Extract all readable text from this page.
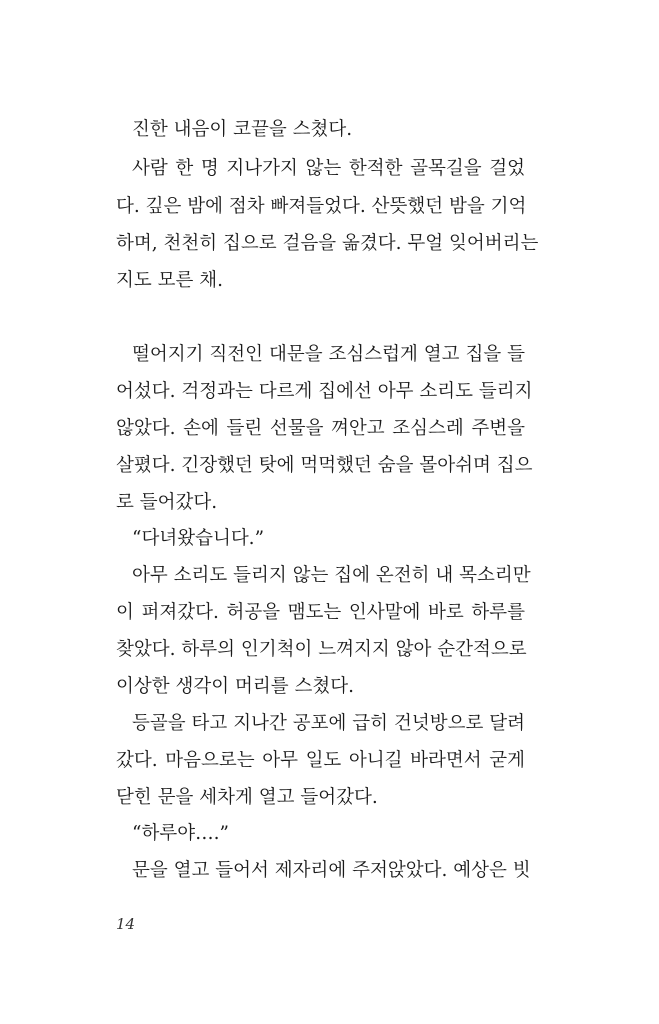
진한 내음이 코끝을 스쳤다.
사람 한 명 지나가지 않는 한적한 골목길을 걸었
다. 깊은 밤에 점차 빠져들었다. 산뜻했던 밤을 기억
하며, 천천히 집으로 걸음을 옮겼다. 무얼 잊어버리는
지도 모른 채.
떨어지기 직전인 대문을 조심스럽게 열고 집을 들
어섰다. 걱정과는 다르게 집에선 아무 소리도 들리지
않았다. 손에 들린 선물을 껴안고 조심스레 주변을
살폈다. 긴장했던 탓에 먹먹했던 숨을 몰아쉬며 집으
로 들어갔다.
“다녀왔습니다.”
아무 소리도 들리지 않는 집에 온전히 내 목소리만
이 퍼져갔다. 허공을 맴도는 인사말에 바로 하루를
찾았다. 하루의 인기척이 느껴지지 않아 순간적으로
이상한 생각이 머리를 스쳤다.
등골을 타고 지나간 공포에 급히 건넛방으로 달려
갔다. 마음으로는 아무 일도 아니길 바라면서 굳게
닫힌 문을 세차게 열고 들어갔다.
“하루야….”
문을 열고 들어서 제자리에 주저앉았다. 예상은 빗
14
